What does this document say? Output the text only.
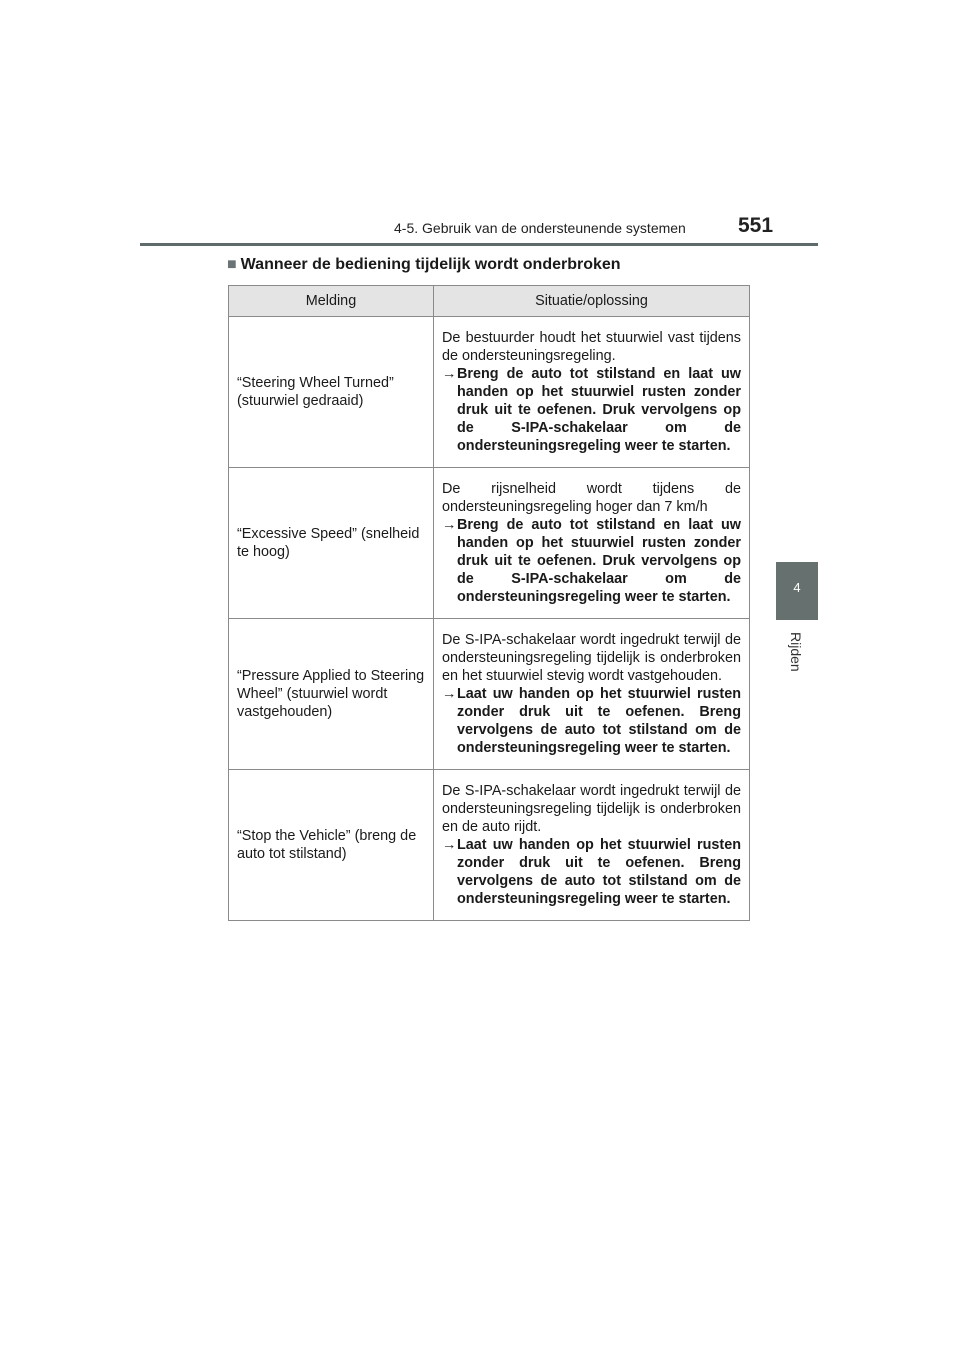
4-5. Gebruik van de ondersteunende systemen 551
4
Rijden
■ Wanneer de bediening tijdelijk wordt onderbroken
Melding	Situatie/oplossing
“Steering Wheel Turned” (stuurwiel gedraaid)	De bestuurder houdt het stuurwiel vast tijdens de ondersteuningsregeling.

→ Breng de auto tot stilstand en laat uw handen op het stuurwiel rusten zonder druk uit te oefenen. Druk vervolgens op de S-IPA-schakelaar om de ondersteuningsregeling weer te starten.

“Excessive Speed” (snelheid te hoog)	De rijsnelheid wordt tijdens de ondersteuningsregeling hoger dan 7 km/h

→ Breng de auto tot stilstand en laat uw handen op het stuurwiel rusten zonder druk uit te oefenen. Druk vervolgens op de S-IPA-schakelaar om de ondersteuningsregeling weer te starten.

“Pressure Applied to Steering Wheel” (stuurwiel wordt vastgehouden)	De S-IPA-schakelaar wordt ingedrukt terwijl de ondersteuningsregeling tijdelijk is onderbroken en het stuurwiel stevig wordt vastgehouden.

→ Laat uw handen op het stuurwiel rusten zonder druk uit te oefenen. Breng vervolgens de auto tot stilstand om de ondersteuningsregeling weer te starten.

“Stop the Vehicle” (breng de auto tot stilstand)	De S-IPA-schakelaar wordt ingedrukt terwijl de ondersteuningsregeling tijdelijk is onderbroken en de auto rijdt.

→ Laat uw handen op het stuurwiel rusten zonder druk uit te oefenen. Breng vervolgens de auto tot stilstand om de ondersteuningsregeling weer te starten.
